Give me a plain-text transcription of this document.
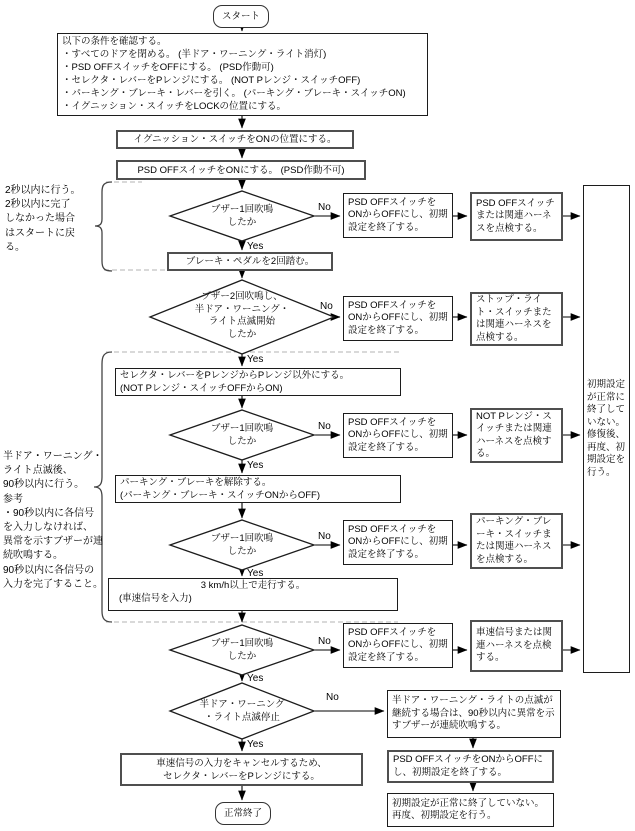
スタート
以下の条件を確認する。
・すべてのドアを閉める。 (半ドア・ワーニング・ライト消灯)
・PSD OFFスイッチをOFFにする。 (PSD作動可)
・セレクタ・レバーをPレンジにする。 (NOT Pレンジ・スイッチOFF)
・パーキング・ブレーキ・レバーを引く。 (パーキング・ブレーキ・スイッチON)
・イグニッション・スイッチをLOCKの位置にする。
イグニッション・スイッチをONの位置にする。
PSD OFFスイッチをONにする。 (PSD作動不可)
ブザー1回吹鳴
したか
ブレーキ・ペダルを2回踏む。
ブザー2回吹鳴し、
半ドア・ワーニング・
ライト点滅開始
したか
セレクタ・レバーをPレンジからPレンジ以外にする。
(NOT Pレンジ・スイッチOFFからON)
ブザー1回吹鳴
したか
パーキング・ブレーキを解除する。
(パーキング・ブレーキ・スイッチONからOFF)
ブザー1回吹鳴
したか
3 km/h以上で走行する。
(車速信号を入力)
ブザー1回吹鳴
したか
半ドア・ワーニング
・ライト点滅停止
車速信号の入力をキャンセルするため、
セレクタ・レバーをPレンジにする。
正常終了
PSD OFFスイッチをONからOFFにし、初期設定を終了する。
PSD OFFスイッチをONからOFFにし、初期設定を終了する。
PSD OFFスイッチをONからOFFにし、初期設定を終了する。
PSD OFFスイッチをONからOFFにし、初期設定を終了する。
PSD OFFスイッチをONからOFFにし、初期設定を終了する。
PSD OFFスイッチまたは関連ハーネスを点検する。
ストップ・ライト・スイッチまたは関連ハーネスを点検する。
NOT Pレンジ・スイッチまたは関連ハーネスを点検する。
パーキング・ブレーキ・スイッチまたは関連ハーネスを点検する。
車速信号または関連ハーネスを点検する。
初期設定が正常に終了していない。修復後、再度、初期設定を行う。
半ドア・ワーニング・ライトの点滅が継続する場合は、90秒以内に異常を示すブザーが連続吹鳴する。
PSD OFFスイッチをONからOFFにし、初期設定を終了する。
初期設定が正常に終了していない。再度、初期設定を行う。
2秒以内に行う。
2秒以内に完了
しなかった場合
はスタートに戻
る。
半ドア・ワーニング・
ライト点滅後、
90秒以内に行う。
参考
・90秒以内に各信号
を入力しなければ、
異常を示すブザーが連
続吹鳴する。
90秒以内に各信号の
入力を完了すること。
Yes
Yes
Yes
Yes
Yes
Yes
No
No
No
No
No
No
